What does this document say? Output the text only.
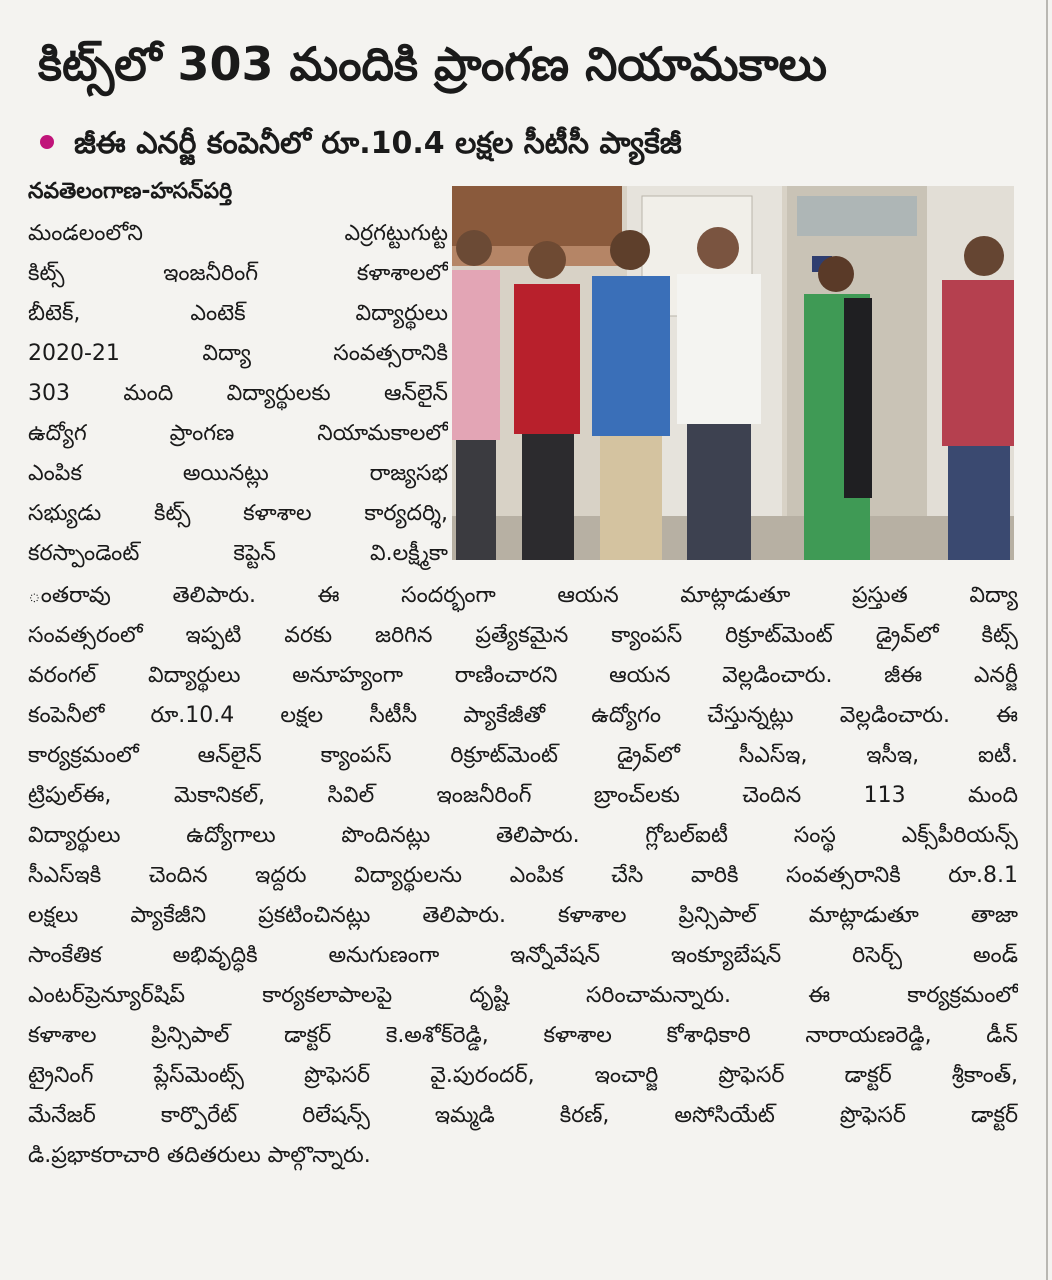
కిట్స్‌లో 303 మందికి ప్రాంగణ నియామకాలు
జీఈ ఎనర్జీ కంపెనీలో రూ.10.4 లక్షల సీటీసీ ప్యాకేజీ
నవతెలంగాణ-హసన్‌పర్తి
మండలంలోని ఎర్రగట్టుగుట్ట
కిట్స్ ఇంజనీరింగ్ కళాశాలలో
బీటెక్, ఎంటెక్ విద్యార్థులు
2020-21 విద్యా సంవత్సరానికి
303 మంది విద్యార్థులకు ఆన్‌లైన్
ఉద్యోగ ప్రాంగణ నియామకాలలో
ఎంపిక అయినట్లు రాజ్యసభ
సభ్యుడు కిట్స్ కళాశాల కార్యదర్శి,
కరస్పాండెంట్ కెప్టెన్ వి.లక్ష్మీకా
ంతరావు తెలిపారు. ఈ సందర్భంగా ఆయన మాట్లాడుతూ ప్రస్తుత విద్యా
సంవత్సరంలో ఇప్పటి వరకు జరిగిన ప్రత్యేకమైన క్యాంపస్ రిక్రూట్‌మెంట్ డ్రైవ్‌లో కిట్స్
వరంగల్ విద్యార్థులు అనూహ్యంగా రాణించారని ఆయన వెల్లడించారు. జీఈ ఎనర్జీ
కంపెనీలో రూ.10.4 లక్షల సీటీసీ ప్యాకేజీతో ఉద్యోగం చేస్తున్నట్లు వెల్లడించారు. ఈ
కార్యక్రమంలో ఆన్‌లైన్ క్యాంపస్ రిక్రూట్‌మెంట్ డ్రైవ్‌లో సీఎస్ఇ, ఇసీఇ, ఐటీ.
ట్రిపుల్‌ఈ, మెకానికల్, సివిల్ ఇంజనీరింగ్ బ్రాంచ్‌లకు చెందిన 113 మంది
విద్యార్థులు ఉద్యోగాలు పొందినట్లు తెలిపారు. గ్లోబల్‌ఐటీ సంస్థ ఎక్స్‌పీరియన్స్
సీఎస్ఇకి చెందిన ఇద్దరు విద్యార్థులను ఎంపిక చేసి వారికి సంవత్సరానికి రూ.8.1
లక్షలు ప్యాకేజీని ప్రకటించినట్లు తెలిపారు. కళాశాల ప్రిన్సిపాల్ మాట్లాడుతూ తాజా
సాంకేతిక అభివృద్ధికి అనుగుణంగా ఇన్నోవేషన్ ఇంక్యూబేషన్ రిసెర్చ్ అండ్
ఎంటర్‌ప్రెన్యూర్‌షిప్ కార్యకలాపాలపై దృష్టి సరించామన్నారు. ఈ కార్యక్రమంలో
కళాశాల ప్రిన్సిపాల్ డాక్టర్ కె.అశోక్‌రెడ్డి, కళాశాల కోశాధికారి నారాయణరెడ్డి, డీన్
ట్రైనింగ్ ప్లేస్‌మెంట్స్ ప్రొఫెసర్ వై.పురందర్, ఇంచార్జి ప్రొఫెసర్ డాక్టర్ శ్రీకాంత్,
మేనేజర్ కార్పొరేట్ రిలేషన్స్ ఇమ్మడి కిరణ్, అసోసియేట్ ప్రొఫెసర్ డాక్టర్
డి.ప్రభాకరాచారి తదితరులు పాల్గొన్నారు.
